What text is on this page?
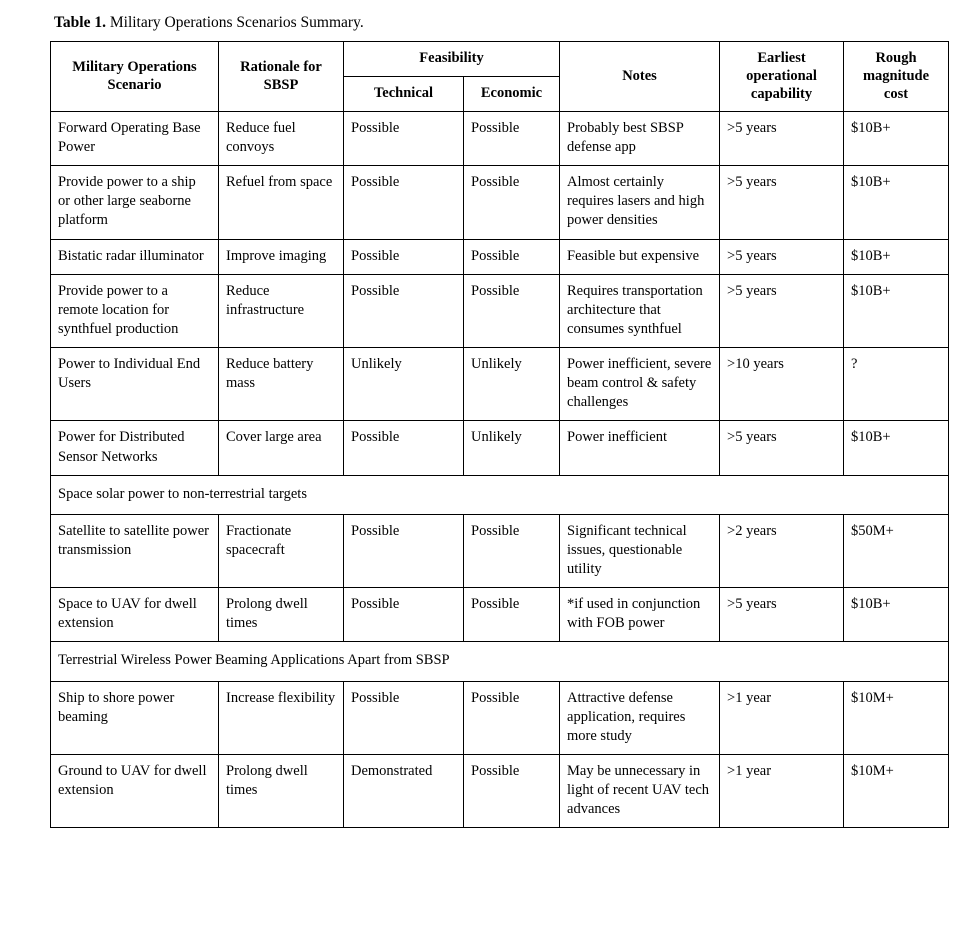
Table 1. Military Operations Scenarios Summary.

Military Operations Scenario	Rationale for SBSP	Feasibility		Notes	Earliest operational capability	Rough magnitude cost
		Technical	Economic			
Forward Operating Base Power	Reduce fuel convoys	Possible	Possible	Probably best SBSP defense app	>5 years	$10B+
Provide power to a ship or other large seaborne platform	Refuel from space	Possible	Possible	Almost certainly requires lasers and high power densities	>5 years	$10B+
Bistatic radar illuminator	Improve imaging	Possible	Possible	Feasible but expensive	>5 years	$10B+
Provide power to a remote location for synthfuel production	Reduce infrastructure	Possible	Possible	Requires transportation architecture that consumes synthfuel	>5 years	$10B+
Power to Individual End Users	Reduce battery mass	Unlikely	Unlikely	Power inefficient, severe beam control & safety challenges	>10 years	?
Power for Distributed Sensor Networks	Cover large area	Possible	Unlikely	Power inefficient	>5 years	$10B+
Space solar power to non-terrestrial targets						
Satellite to satellite power transmission	Fractionate spacecraft	Possible	Possible	Significant technical issues, questionable utility	>2 years	$50M+
Space to UAV for dwell extension	Prolong dwell times	Possible	Possible	*if used in conjunction with FOB power	>5 years	$10B+
Terrestrial Wireless Power Beaming Applications Apart from SBSP						
Ship to shore power beaming	Increase flexibility	Possible	Possible	Attractive defense application, requires more study	>1 year	$10M+
Ground to UAV for dwell extension	Prolong dwell times	Demonstrated	Possible	May be unnecessary in light of recent UAV tech advances	>1 year	$10M+
